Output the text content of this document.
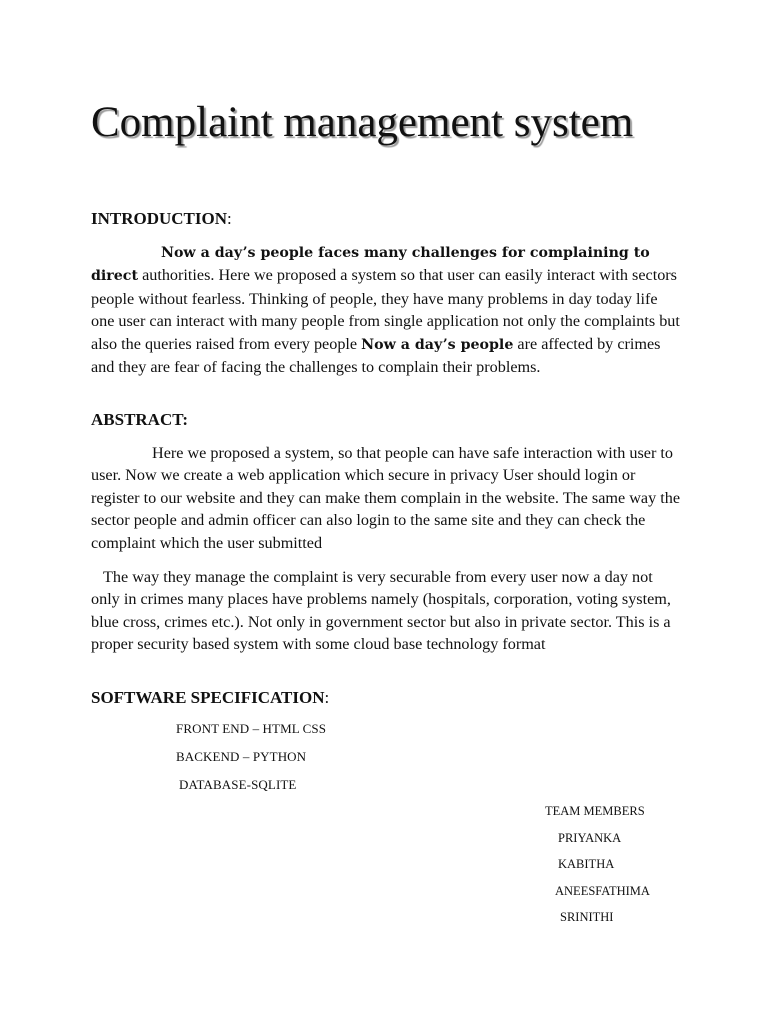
Complaint management system
INTRODUCTION:

Now a day’s people faces many challenges for complaining to direct authorities. Here we proposed a system so that user can easily interact with sectors people without fearless. Thinking of people, they have many problems in day today life one user can interact with many people from single application not only the complaints but also the queries raised from every people Now a day’s people are affected by crimes and they are fear of facing the challenges to complain their problems.

ABSTRACT:

Here we proposed a system, so that people can have safe interaction with user to user. Now we create a web application which secure in privacy User should login or register to our website and they can make them complain in the website. The same way the sector people and admin officer can also login to the same site and they can check the complaint which the user submitted

The way they manage the complaint is very securable from every user now a day not only in crimes many places have problems namely (hospitals, corporation, voting system, blue cross, crimes etc.). Not only in government sector but also in private sector. This is a proper security based system with some cloud base technology format

SOFTWARE SPECIFICATION:

FRONT END – HTML CSS

BACKEND – PYTHON

DATABASE-SQLITE

TEAM MEMBERS

PRIYANKA

KABITHA

ANEESFATHIMA

SRINITHI
